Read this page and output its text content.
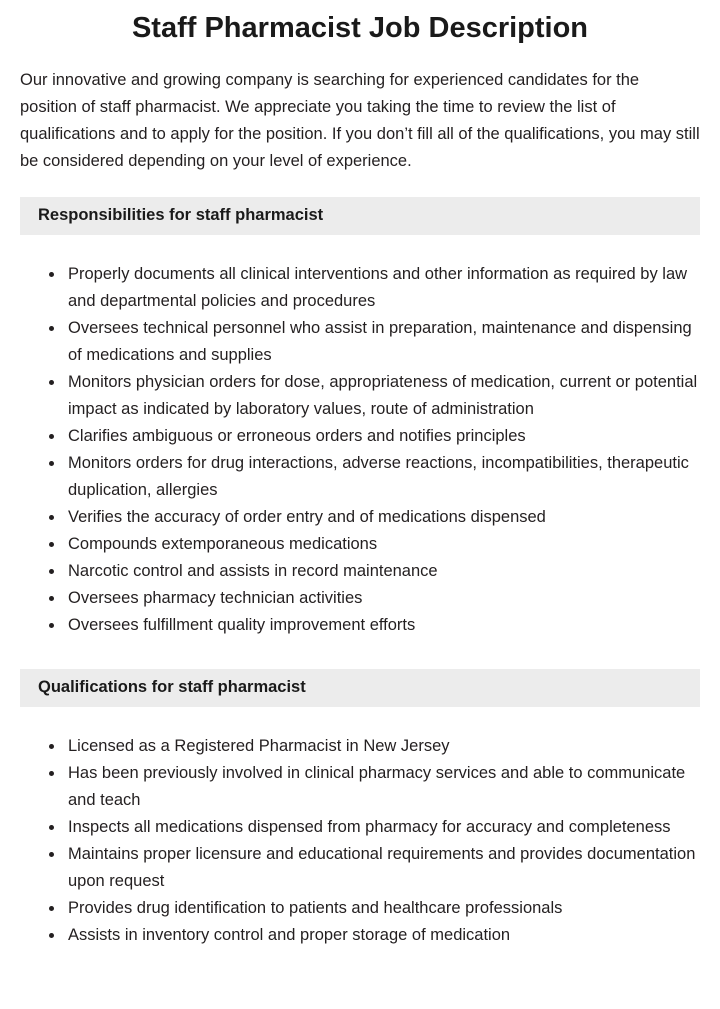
Staff Pharmacist Job Description

Our innovative and growing company is searching for experienced candidates for the position of staff pharmacist. We appreciate you taking the time to review the list of qualifications and to apply for the position. If you don’t fill all of the qualifications, you may still be considered depending on your level of experience.

Responsibilities for staff pharmacist
Properly documents all clinical interventions and other information as required by law and departmental policies and procedures
Oversees technical personnel who assist in preparation, maintenance and dispensing of medications and supplies
Monitors physician orders for dose, appropriateness of medication, current or potential impact as indicated by laboratory values, route of administration
Clarifies ambiguous or erroneous orders and notifies principles
Monitors orders for drug interactions, adverse reactions, incompatibilities, therapeutic duplication, allergies
Verifies the accuracy of order entry and of medications dispensed
Compounds extemporaneous medications
Narcotic control and assists in record maintenance
Oversees pharmacy technician activities
Oversees fulfillment quality improvement efforts
Qualifications for staff pharmacist
Licensed as a Registered Pharmacist in New Jersey
Has been previously involved in clinical pharmacy services and able to communicate and teach
Inspects all medications dispensed from pharmacy for accuracy and completeness
Maintains proper licensure and educational requirements and provides documentation upon request
Provides drug identification to patients and healthcare professionals
Assists in inventory control and proper storage of medication
